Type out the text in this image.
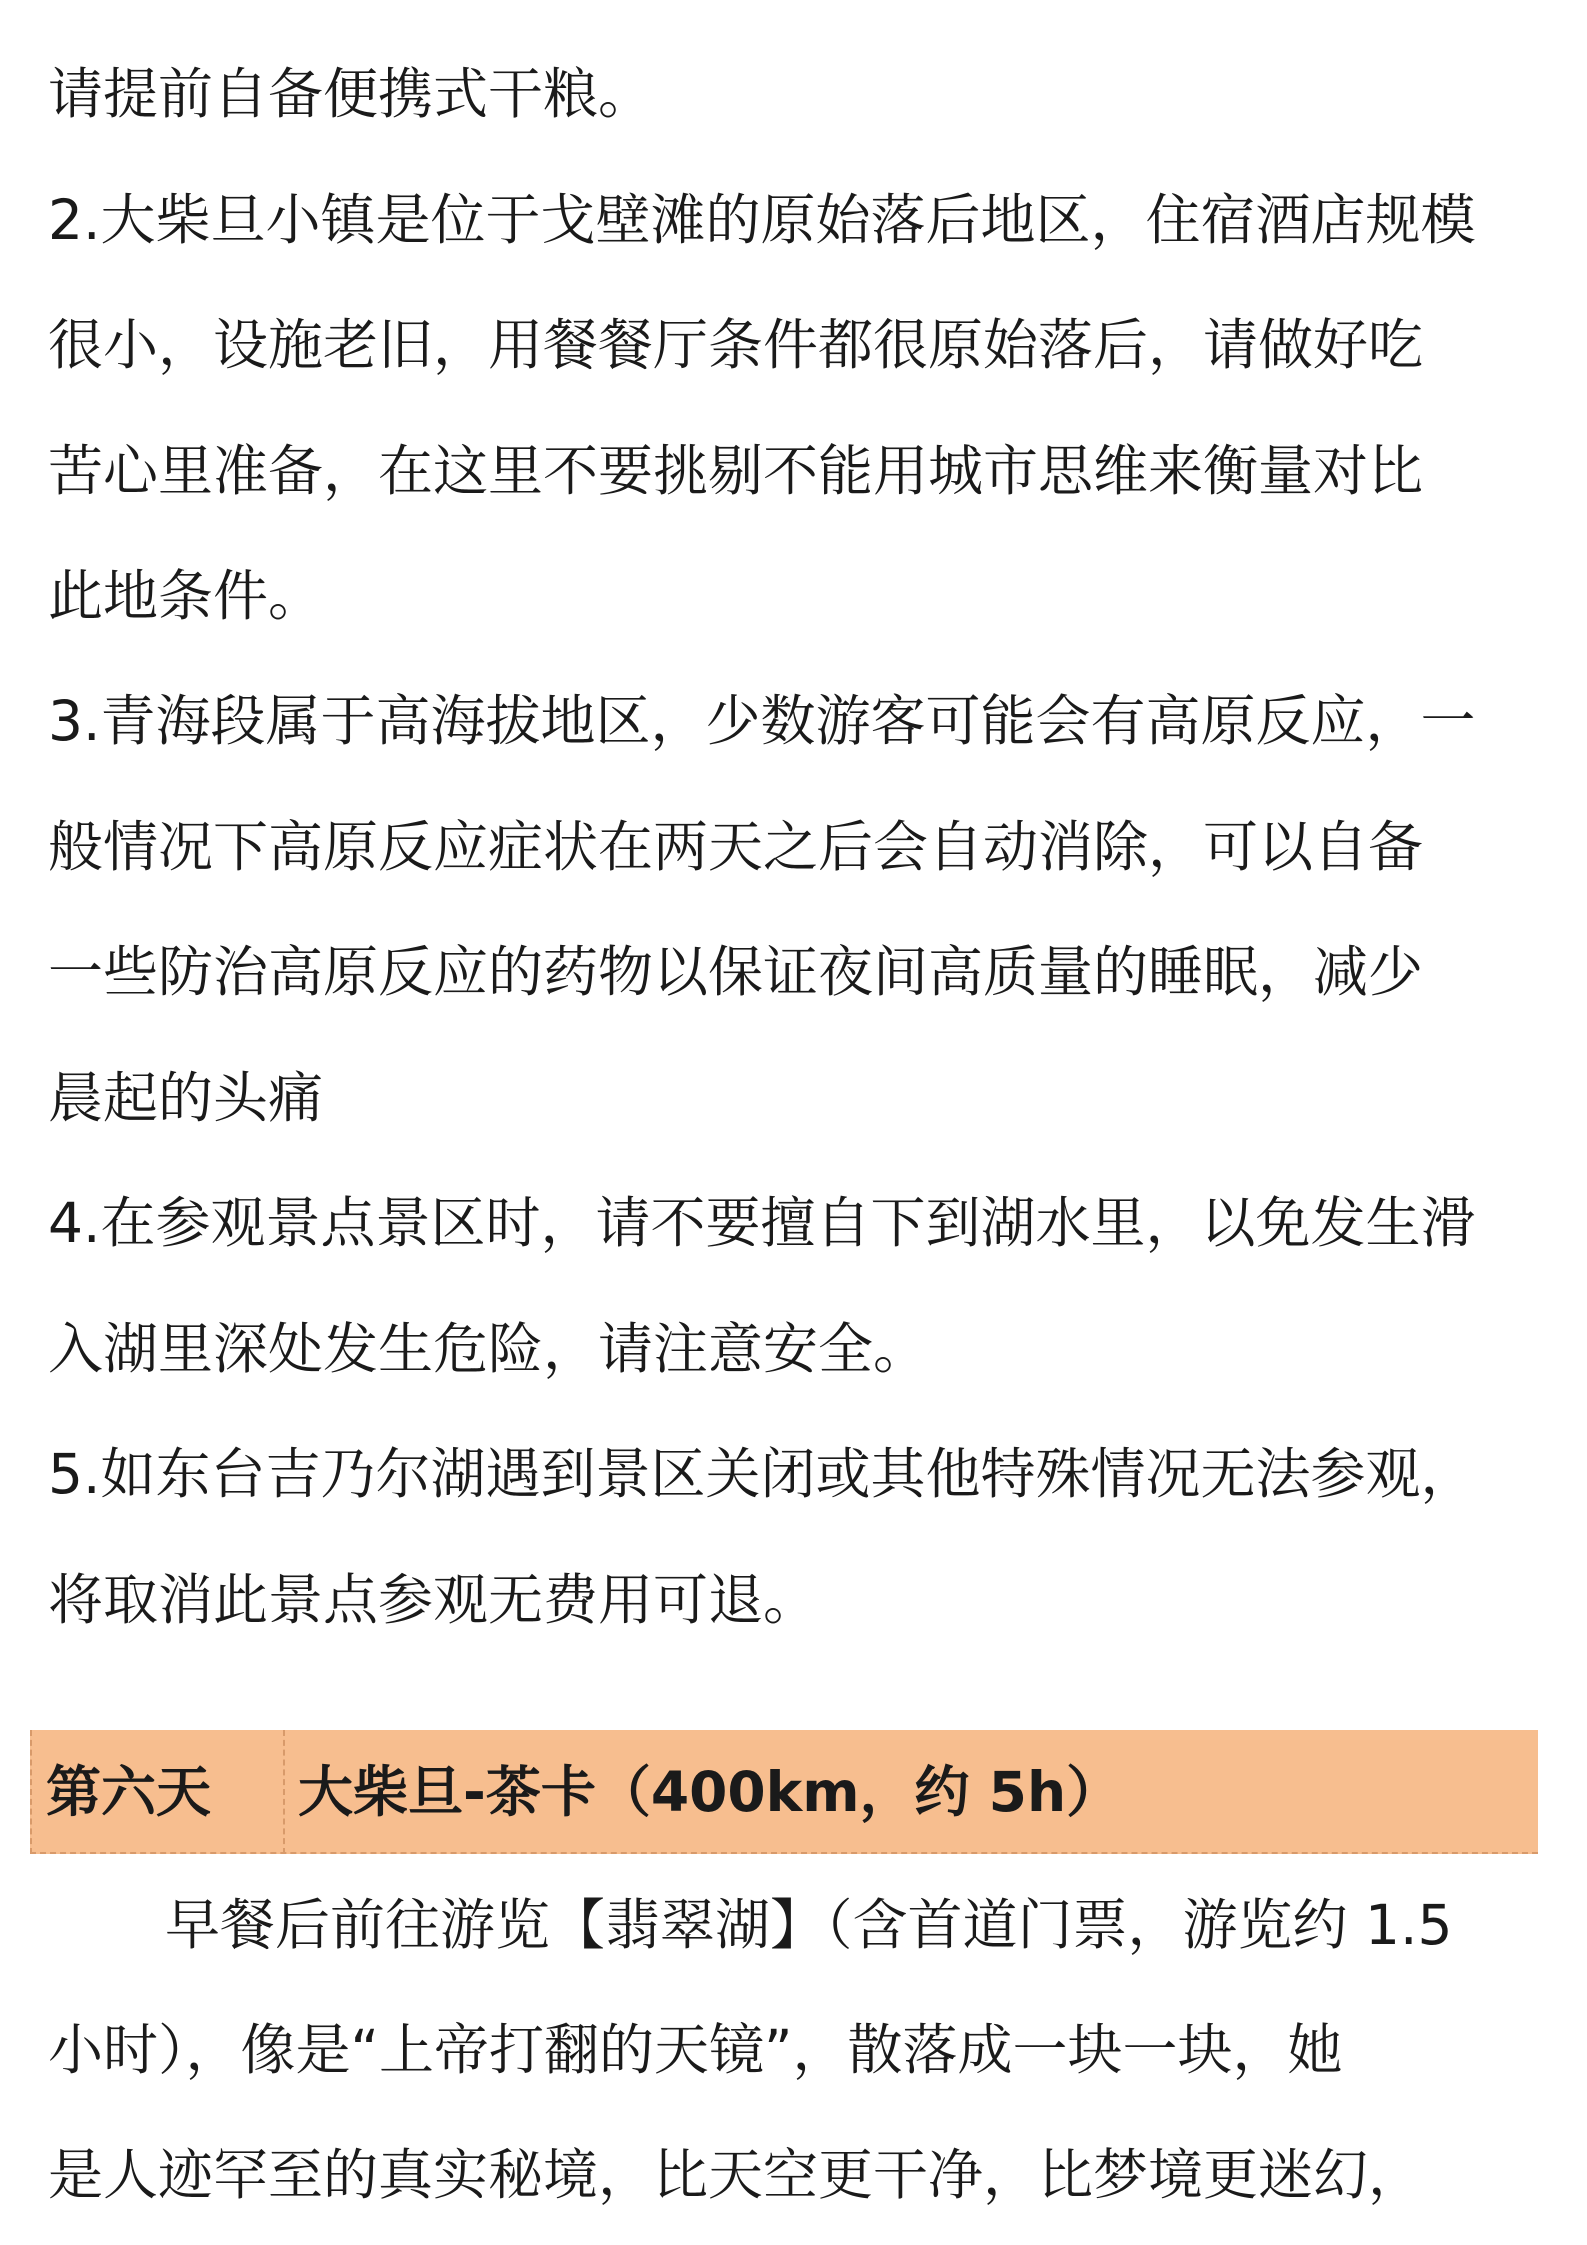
请提前自备便携式干粮。
2.大柴旦小镇是位于戈壁滩的原始落后地区，住宿酒店规模
很小，设施老旧，用餐餐厅条件都很原始落后，请做好吃
苦心里准备，在这里不要挑剔不能用城市思维来衡量对比
此地条件。
3.青海段属于高海拔地区，少数游客可能会有高原反应，一
般情况下高原反应症状在两天之后会自动消除，可以自备
一些防治高原反应的药物以保证夜间高质量的睡眠，减少
晨起的头痛
4.在参观景点景区时，请不要擅自下到湖水里，以免发生滑
入湖里深处发生危险，请注意安全。
5.如东台吉乃尔湖遇到景区关闭或其他特殊情况无法参观，
将取消此景点参观无费用可退。
第六天 大柴旦-茶卡（400km，约 5h）
早餐后前往游览【翡翠湖】（含首道门票，游览约 1.5
小时），像是“上帝打翻的天镜”，散落成一块一块，她
是人迹罕至的真实秘境，比天空更干净，比梦境更迷幻，
